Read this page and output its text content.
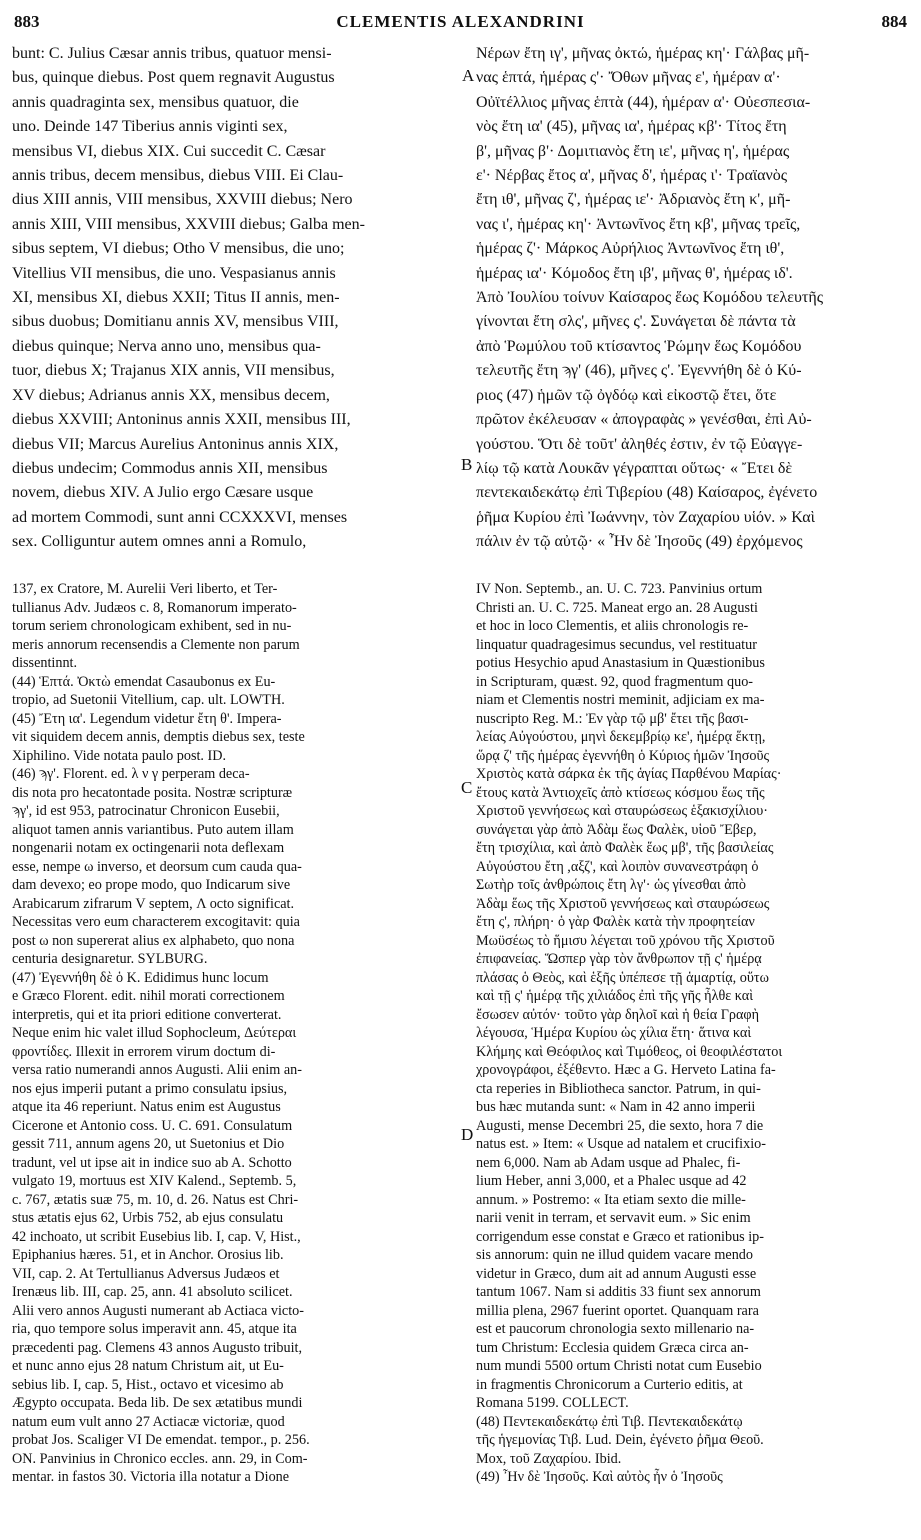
883	CLEMENTIS ALEXANDRINI	884
bunt: C. Julius Cæsar annis tribus, quatuor mensi-
bus, quinque diebus. Post quem regnavit Augustus
annis quadraginta sex, mensibus quatuor, die
uno. Deinde 147 Tiberius annis viginti sex,
mensibus VI, diebus XIX. Cui succedit C. Cæsar
annis tribus, decem mensibus, diebus VIII. Ei Clau-
dius XIII annis, VIII mensibus, XXVIII diebus; Nero
annis XIII, VIII mensibus, XXVIII diebus; Galba men-
sibus septem, VI diebus; Otho V mensibus, die uno;
Vitellius VII mensibus, die uno. Vespasianus annis
XI, mensibus XI, diebus XXII; Titus II annis, men-
sibus duobus; Domitianu annis XV, mensibus VIII,
diebus quinque; Nerva anno uno, mensibus qua-
tuor, diebus X; Trajanus XIX annis, VII mensibus,
XV diebus; Adrianus annis XX, mensibus decem,
diebus XXVIII; Antoninus annis XXII, mensibus III,
diebus VII; Marcus Aurelius Antoninus annis XIX,
diebus undecim; Commodus annis XII, mensibus
novem, diebus XIV. A Julio ergo Cæsare usque
ad mortem Commodi, sunt anni CCXXXVI, menses
sex. Colliguntur autem omnes anni a Romulo,
Νέρων ἔτη ιγ', μῆνας ὀκτώ, ἡμέρας κη'· Γάλβας μῆ-
νας ἑπτά, ἡμέρας ς'· Ὄθων μῆνας ε', ἡμέραν α'·
Οὐϊτέλλιος μῆνας ἑπτὰ (44), ἡμέραν α'· Οὐεσπεσια-
νὸς ἔτη ια' (45), μῆνας ια', ἡμέρας κβ'· Τίτος ἔτη
β', μῆνας β'· Δομιτιανὸς ἔτη ιε', μῆνας η', ἡμέρας
ε'· Νέρβας ἔτος α', μῆνας δ', ἡμέρας ι'· Τραϊανὸς
ἔτη ιθ', μῆνας ζ', ἡμέρας ιε'· Ἀδριανὸς ἔτη κ', μῆ-
νας ι', ἡμέρας κη'· Ἀντωνῖνος ἔτη κβ', μῆνας τρεῖς,
ἡμέρας ζ'· Μάρκος Αὐρήλιος Ἀντωνῖνος ἔτη ιθ',
ἡμέρας ια'· Κόμοδος ἔτη ιβ', μῆνας θ', ἡμέρας ιδ'.
Ἀπὸ Ἰουλίου τοίνυν Καίσαρος ἕως Κομόδου τελευτῆς
γίνονται ἔτη σλς', μῆνες ς'. Συνάγεται δὲ πάντα τὰ
ἀπὸ Ῥωμύλου τοῦ κτίσαντος Ῥώμην ἕως Κομόδου
τελευτῆς ἔτη ϡγ' (46), μῆνες ς'. Ἐγεννήθη δὲ ὁ Κύ-
ριος (47) ἡμῶν τῷ ὀγδόῳ καὶ εἰκοστῷ ἔτει, ὅτε
πρῶτον ἐκέλευσαν « ἀπογραφὰς » γενέσθαι, ἐπὶ Αὐ-
γούστου. Ὅτι δὲ τοῦτ' ἀληθές ἐστιν, ἐν τῷ Εὐαγγε-
λίῳ τῷ κατὰ Λουκᾶν γέγραπται οὕτως· « Ἔτει δὲ
πεντεκαιδεκάτῳ ἐπὶ Τιβερίου (48) Καίσαρος, ἐγένετο
ῥῆμα Κυρίου ἐπὶ Ἰωάννην, τὸν Ζαχαρίου υἱόν. » Καὶ
πάλιν ἐν τῷ αὐτῷ· « Ἦν δὲ Ἰησοῦς (49) ἐρχόμενος
137, ex Cratore, M. Aurelii Veri liberto, et Ter-
tullianus Adv. Judæos c. 8, Romanorum imperato-
torum seriem chronologicam exhibent, sed in nu-
meris annorum recensendis a Clemente non parum
dissentinnt.
(44) Ἑπτά. Ὀκτὼ emendat Casaubonus ex Eu-
tropio, ad Suetonii Vitellium, cap. ult. LOWTH.
(45) Ἔτη ια'. Legendum videtur ἔτη θ'. Impera-
vit siquidem decem annis, demptis diebus sex, teste
Xiphilino. Vide notata paulo post. ID.
(46) ϡγ'. Florent. ed. λ ν γ perperam deca-
dis nota pro hecatontade posita. Nostræ scripturæ
ϡγ', id est 953, patrocinatur Chronicon Eusebii,
aliquot tamen annis variantibus. Puto autem illam
nongenarii notam ex octingenarii nota deflexam
esse, nempe ω inverso, et deorsum cum cauda qua-
dam devexo; eo prope modo, quo Indicarum sive
Arabicarum zifrarum V septem, Λ octo significat.
Necessitas vero eum characterem excogitavit: quia
post ω non supererat alius ex alphabeto, quo nona
centuria designaretur. SYLBURG.
(47) Ἐγεννήθη δὲ ὁ Κ. Edidimus hunc locum
e Græco Florent. edit. nihil morati correctionem
interpretis, qui et ita priori editione converterat.
Neque enim hic valet illud Sophocleum, Δεύτεραι
φροντίδες. Illexit in errorem virum doctum di-
versa ratio numerandi annos Augusti. Alii enim an-
nos ejus imperii putant a primo consulatu ipsius,
atque ita 46 reperiunt. Natus enim est Augustus
Cicerone et Antonio coss. U. C. 691. Consulatum
gessit 711, annum agens 20, ut Suetonius et Dio
tradunt, vel ut ipse ait in indice suo ab A. Schotto
vulgato 19, mortuus est XIV Kalend., Septemb. 5,
c. 767, ætatis suæ 75, m. 10, d. 26. Natus est Chri-
stus ætatis ejus 62, Urbis 752, ab ejus consulatu
42 inchoato, ut scribit Eusebius lib. I, cap. V, Hist.,
Epiphanius hæres. 51, et in Anchor. Orosius lib.
VII, cap. 2. At Tertullianus Adversus Judæos et
Irenæus lib. III, cap. 25, ann. 41 absoluto scilicet.
Alii vero annos Augusti numerant ab Actiaca victo-
ria, quo tempore solus imperavit ann. 45, atque ita
præcedenti pag. Clemens 43 annos Augusto tribuit,
et nunc anno ejus 28 natum Christum ait, ut Eu-
sebius lib. I, cap. 5, Hist., octavo et vicesimo ab
Ægypto occupata. Beda lib. De sex ætatibus mundi
natum eum vult anno 27 Actiacæ victoriæ, quod
probat Jos. Scaliger VI De emendat. tempor., p. 256.
ON. Panvinius in Chronico eccles. ann. 29, in Com-
mentar. in fastos 30. Victoria illa notatur a Dione
IV Non. Septemb., an. U. C. 723. Panvinius ortum
Christi an. U. C. 725. Maneat ergo an. 28 Augusti
et hoc in loco Clementis, et aliis chronologis re-
linquatur quadragesimus secundus, vel restituatur
potius Hesychio apud Anastasium in Quæstionibus
in Scripturam, quæst. 92, quod fragmentum quo-
niam et Clementis nostri meminit, adjiciam ex ma-
nuscripto Reg. M.: Ἐν γὰρ τῷ μβ' ἔτει τῆς βασι-
λείας Αὐγούστου, μηνὶ δεκεμβρίῳ κε', ἡμέρᾳ ἕκτῃ,
ὥρᾳ ζ' τῆς ἡμέρας ἐγεννήθη ὁ Κύριος ἡμῶν Ἰησοῦς
Χριστὸς κατὰ σάρκα ἐκ τῆς ἁγίας Παρθένου Μαρίας·
ἔτους κατὰ Ἀντιοχεῖς ἀπὸ κτίσεως κόσμου ἕως τῆς
Χριστοῦ γεννήσεως καὶ σταυρώσεως ἑξακισχίλιου·
συνάγεται γὰρ ἀπὸ Ἀδὰμ ἕως Φαλὲκ, υἱοῦ Ἔβερ,
ἔτη τρισχίλια, καὶ ἀπὸ Φαλὲκ ἕως μβ', τῆς βασιλείας
Αὐγούστου ἔτη ,αξζ', καὶ λοιπὸν συνανεστράφη ὁ
Σωτὴρ τοῖς ἀνθρώποις ἔτη λγ'· ὡς γίνεσθαι ἀπὸ
Ἀδὰμ ἕως τῆς Χριστοῦ γεννήσεως καὶ σταυρώσεως
ἔτη ς', πλήρη· ὁ γὰρ Φαλὲκ κατὰ τὴν προφητείαν
Μωϋσέως τὸ ἥμισυ λέγεται τοῦ χρόνου τῆς Χριστοῦ
ἐπιφανείας. Ὥσπερ γὰρ τὸν ἄνθρωπον τῇ ς' ἡμέρᾳ
πλάσας ὁ Θεὸς, καὶ ἑξῆς ὑπέπεσε τῇ ἁμαρτίᾳ, οὕτω
καὶ τῇ ς' ἡμέρᾳ τῆς χιλιάδος ἐπὶ τῆς γῆς ἦλθε καὶ
ἔσωσεν αὐτόν· τοῦτο γὰρ δηλοῖ καὶ ἡ θεία Γραφὴ
λέγουσα, Ἡμέρα Κυρίου ὡς χίλια ἔτη· ἅτινα καὶ
Κλήμης καὶ Θεόφιλος καὶ Τιμόθεος, οἱ θεοφιλέστατοι
χρονογράφοι, ἐξέθεντο. Hæc a G. Herveto Latina fa-
cta reperies in Bibliotheca sanctor. Patrum, in qui-
bus hæc mutanda sunt: « Nam in 42 anno imperii
Augusti, mense Decembri 25, die sexto, hora 7 die
natus est. » Item: « Usque ad natalem et crucifixio-
nem 6,000. Nam ab Adam usque ad Phalec, fi-
lium Heber, anni 3,000, et a Phalec usque ad 42
annum. » Postremo: « Ita etiam sexto die mille-
narii venit in terram, et servavit eum. » Sic enim
corrigendum esse constat e Græco et rationibus ip-
sis annorum: quin ne illud quidem vacare mendo
videtur in Græco, dum ait ad annum Augusti esse
tantum 1067. Nam si additis 33 fiunt sex annorum
millia plena, 2967 fuerint oportet. Quanquam rara
est et paucorum chronologia sexto millenario na-
tum Christum: Ecclesia quidem Græca circa an-
num mundi 5500 ortum Christi notat cum Eusebio
in fragmentis Chronicorum a Curterio editis, at
Romana 5199. COLLECT.
(48) Πεντεκαιδεκάτῳ ἐπὶ Τιβ. Πεντεκαιδεκάτῳ
τῆς ἡγεμονίας Τιβ. Lud. Dein, ἐγένετο ῥῆμα Θεοῦ.
Mox, τοῦ Ζαχαρίου. Ibid.
(49) Ἦν δὲ Ἰησοῦς. Καὶ αὐτὸς ἦν ὁ Ἰησοῦς
A
B
C
D
